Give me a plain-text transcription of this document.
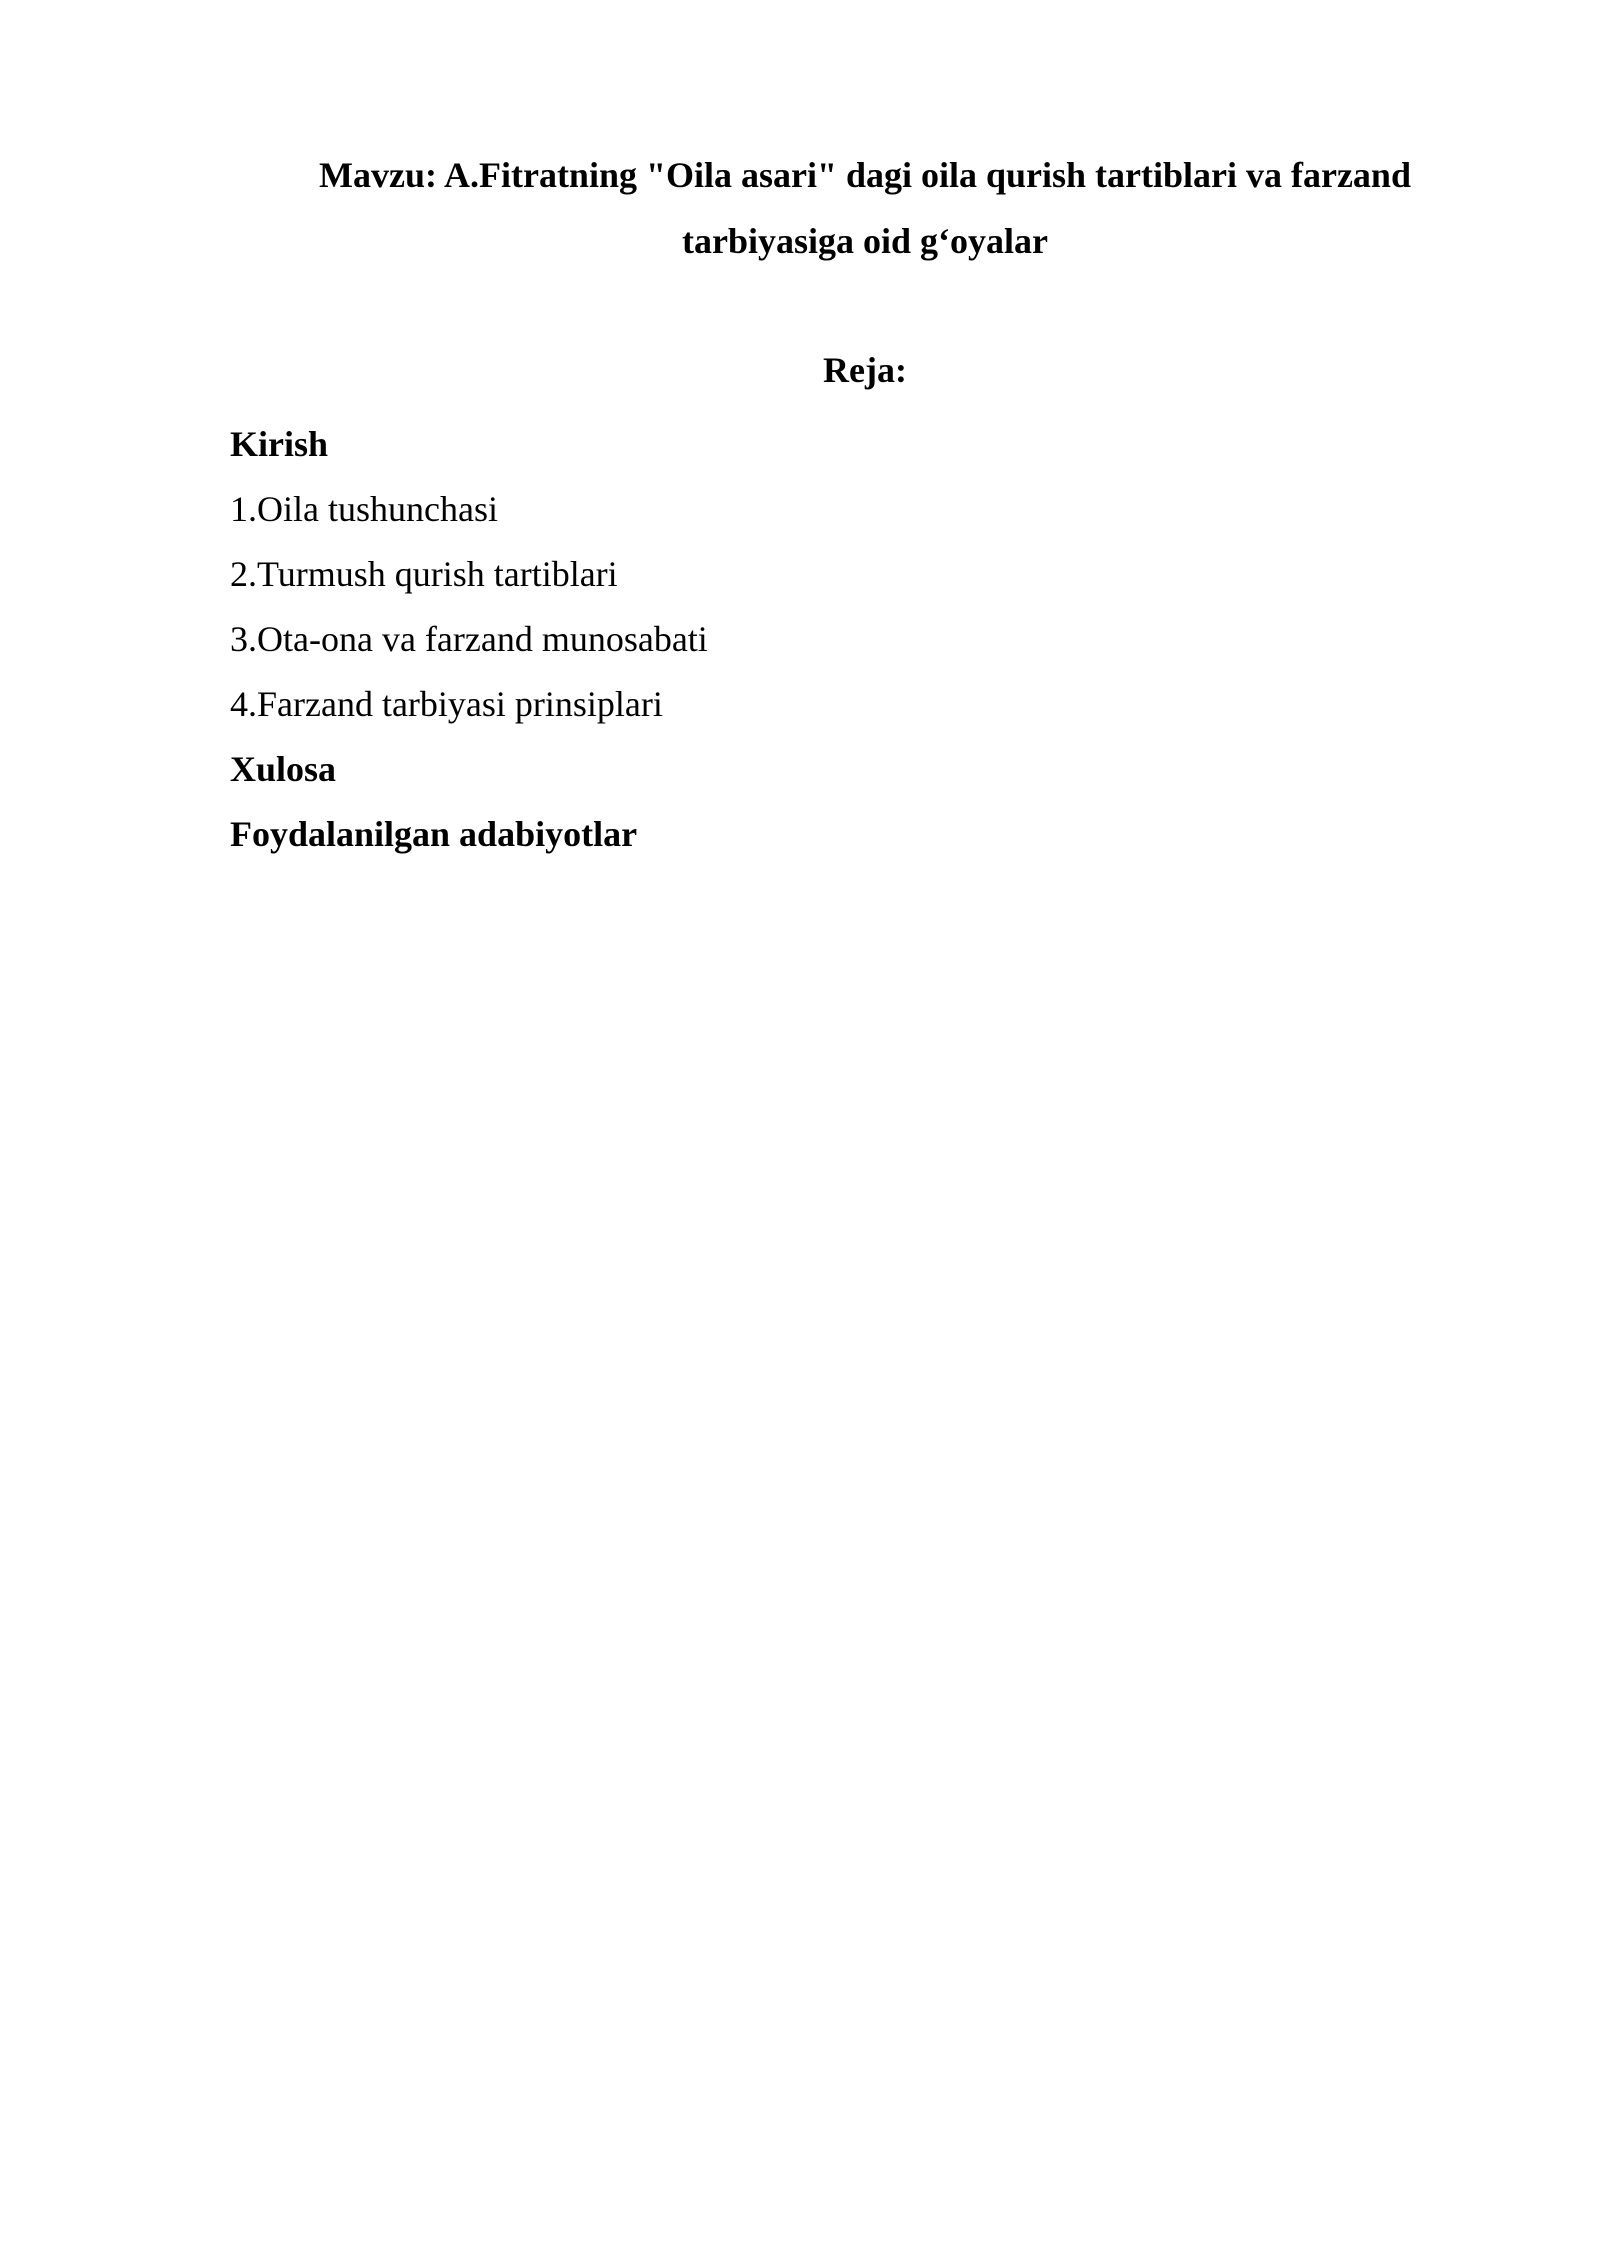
Mavzu: A.Fitratning "Oila asari" dagi oila qurish tartiblari va farzand
tarbiyasiga oid g‘oyalar
Reja:
Kirish
1.Oila tushunchasi
2.Turmush qurish tartiblari
3.Ota-ona va farzand munosabati
4.Farzand tarbiyasi prinsiplari
Xulosa
Foydalanilgan adabiyotlar
